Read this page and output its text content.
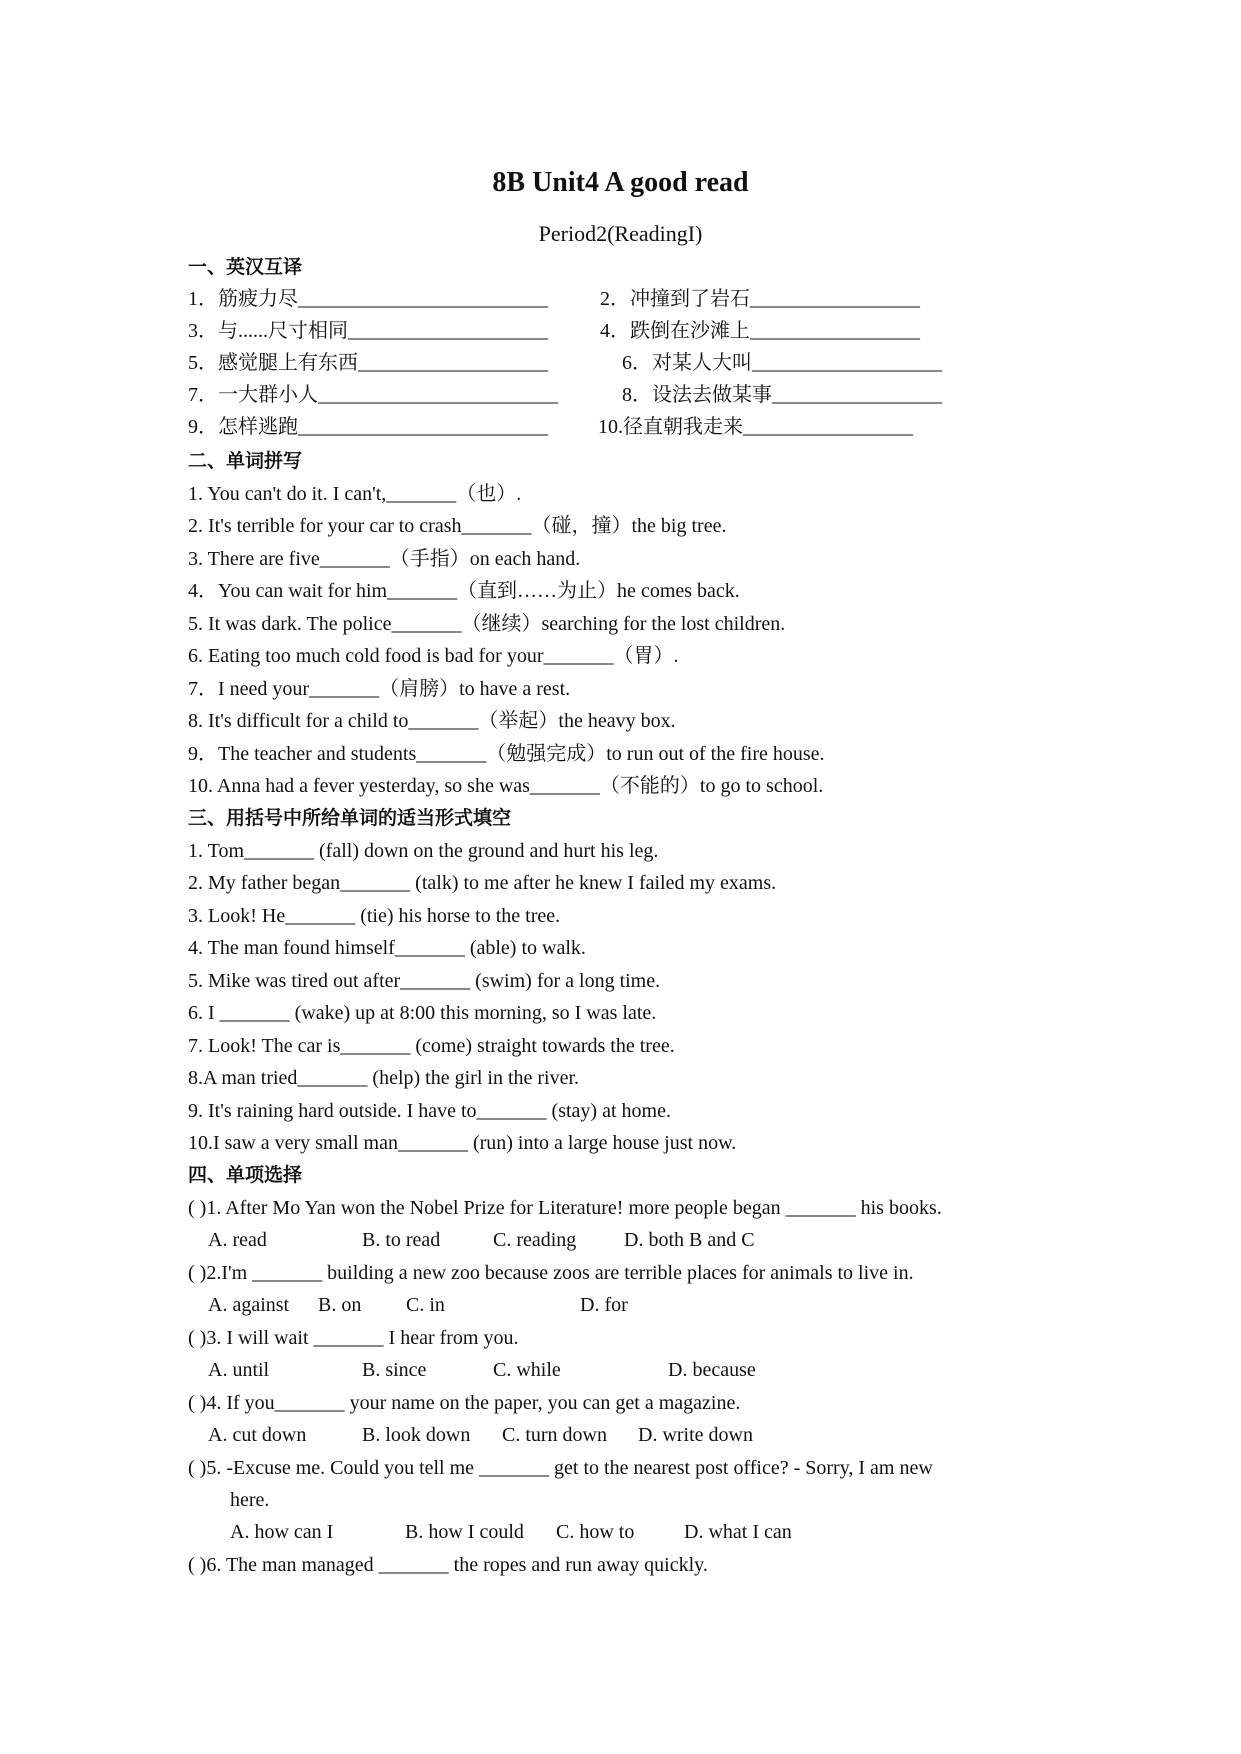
8B Unit4 A good read
Period2(ReadingI)
一、英汉互译
1．筋疲力尽_________________________	2．冲撞到了岩石_________________
3．与......尺寸相同____________________	4．跌倒在沙滩上_________________
5．感觉腿上有东西___________________	6．对某人大叫___________________
7．一大群小人________________________	8．设法去做某事_________________
9．怎样逃跑_________________________	10.径直朝我走来_________________
二、单词拼写
1. You can't do it. I can't,_______（也）.
2. It's terrible for your car to crash_______（碰，撞）the big tree.
3. There are five_______（手指）on each hand.
4．You can wait for him_______（直到……为止）he comes back.
5. It was dark. The police_______（继续）searching for the lost children.
6. Eating too much cold food is bad for your_______（胃）.
7．I need your_______（肩膀）to have a rest.
8. It's difficult for a child to_______（举起）the heavy box.
9．The teacher and students_______（勉强完成）to run out of the fire house.
10. Anna had a fever yesterday, so she was_______（不能的）to go to school.
三、用括号中所给单词的适当形式填空
1. Tom_______ (fall) down on the ground and hurt his leg.
2. My father began_______ (talk) to me after he knew I failed my exams.
3. Look! He_______ (tie) his horse to the tree.
4. The man found himself_______ (able) to walk.
5. Mike was tired out after_______ (swim) for a long time.
6. I _______ (wake) up at 8:00 this morning, so I was late.
7. Look! The car is_______ (come) straight towards the tree.
8.A man tried_______ (help) the girl in the river.
9. It's raining hard outside. I have to_______ (stay) at home.
10.I saw a very small man_______ (run) into a large house just now.
四、单项选择
( )1. After Mo Yan won the Nobel Prize for Literature! more people began _______ his books.
A. read	B. to read	C. reading D. both B and C
( )2.I'm _______ building a new zoo because zoos are terrible places for animals to live in.
A. against B. on C. in	D. for
( )3. I will wait _______ I hear from you.
A. until	B. since	C. while	D. because
( )4. If you_______ your name on the paper, you can get a magazine.
A. cut down	B. look down C. turn down D. write down
( )5. -Excuse me. Could you tell me _______ get to the nearest post office? - Sorry, I am new
here.
A. how can I	B. how I could C. how to D. what I can
( )6. The man managed _______ the ropes and run away quickly.
